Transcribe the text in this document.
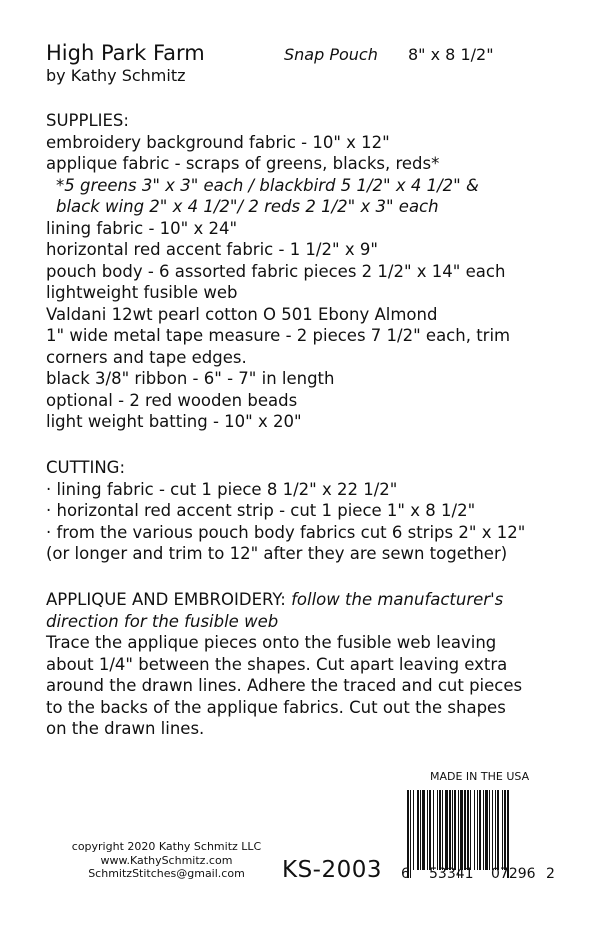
High Park Farm
by Kathy Schmitz
Snap Pouch 8" x 8 1/2"
SUPPLIES:
embroidery background fabric - 10" x 12"
applique fabric - scraps of greens, blacks, reds*
*5 greens 3" x 3" each / blackbird 5 1/2" x 4 1/2" &
black wing 2" x 4 1/2"/ 2 reds 2 1/2" x 3" each
lining fabric - 10" x 24"
horizontal red accent fabric - 1 1/2" x 9"
pouch body - 6 assorted fabric pieces 2 1/2" x 14" each
lightweight fusible web
Valdani 12wt pearl cotton O 501 Ebony Almond
1" wide metal tape measure - 2 pieces 7 1/2" each, trim
corners and tape edges.
black 3/8" ribbon - 6" - 7" in length
optional - 2 red wooden beads
light weight batting - 10" x 20"
CUTTING:
· lining fabric - cut 1 piece 8 1/2" x 22 1/2"
· horizontal red accent strip - cut 1 piece 1" x 8 1/2"
· from the various pouch body fabrics cut 6 strips 2" x 12"
(or longer and trim to 12" after they are sewn together)
APPLIQUE AND EMBROIDERY: follow the manufacturer's
direction for the fusible web
Trace the applique pieces onto the fusible web leaving
about 1/4" between the shapes. Cut apart leaving extra
around the drawn lines. Adhere the traced and cut pieces
to the backs of the applique fabrics. Cut out the shapes
on the drawn lines.
copyright 2020 Kathy Schmitz LLC
www.KathySchmitz.com
SchmitzStitches@gmail.com	KS-2003
MADE IN THE USA
6 53341 07296 2
